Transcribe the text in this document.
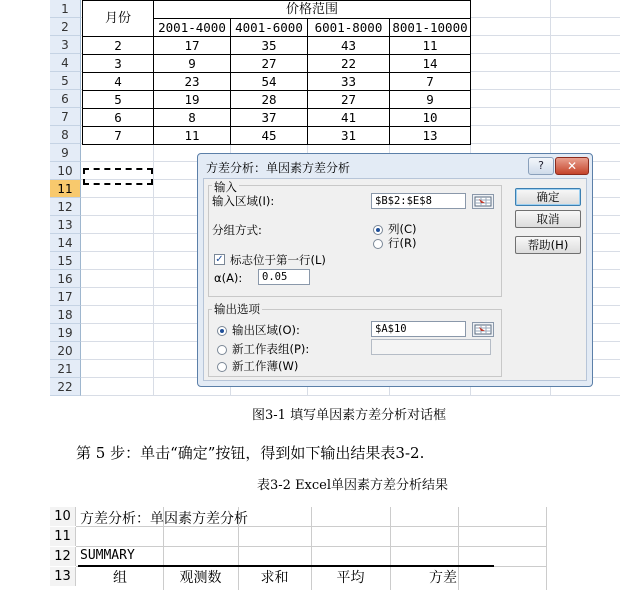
1
2
3
4
5
6
7
8
9
10
11
12
13
14
15
16
17
18
19
20
21
22
月份	价格范围			
	2001-4000	4001-6000	6001-8000	8001-10000
2	17	35	43	11
3	9	27	22	14
4	23	54	33	7
5	19	28	27	9
6	8	37	41	10
7	11	45	31	13
方差分析：单因素方差分析	?	✕
输入
输入区域(I):	$B$2:$E$8
分组方式:	列(C)
行(R)
✓ 标志位于第一行(L)
α(A):	0.05
输出选项
输出区域(O):	$A$10
新工作表组(P):
新工作薄(W)
确定
取消
帮助(H)
图3-1 填写单因素方差分析对话框
第 5 步：单击“确定”按钮，得到如下输出结果表3-2.
表3-2 Excel单因素方差分析结果
10
11
12
13
方差分析：单因素方差分析
SUMMARY
组	观测数	求和	平均	方差
